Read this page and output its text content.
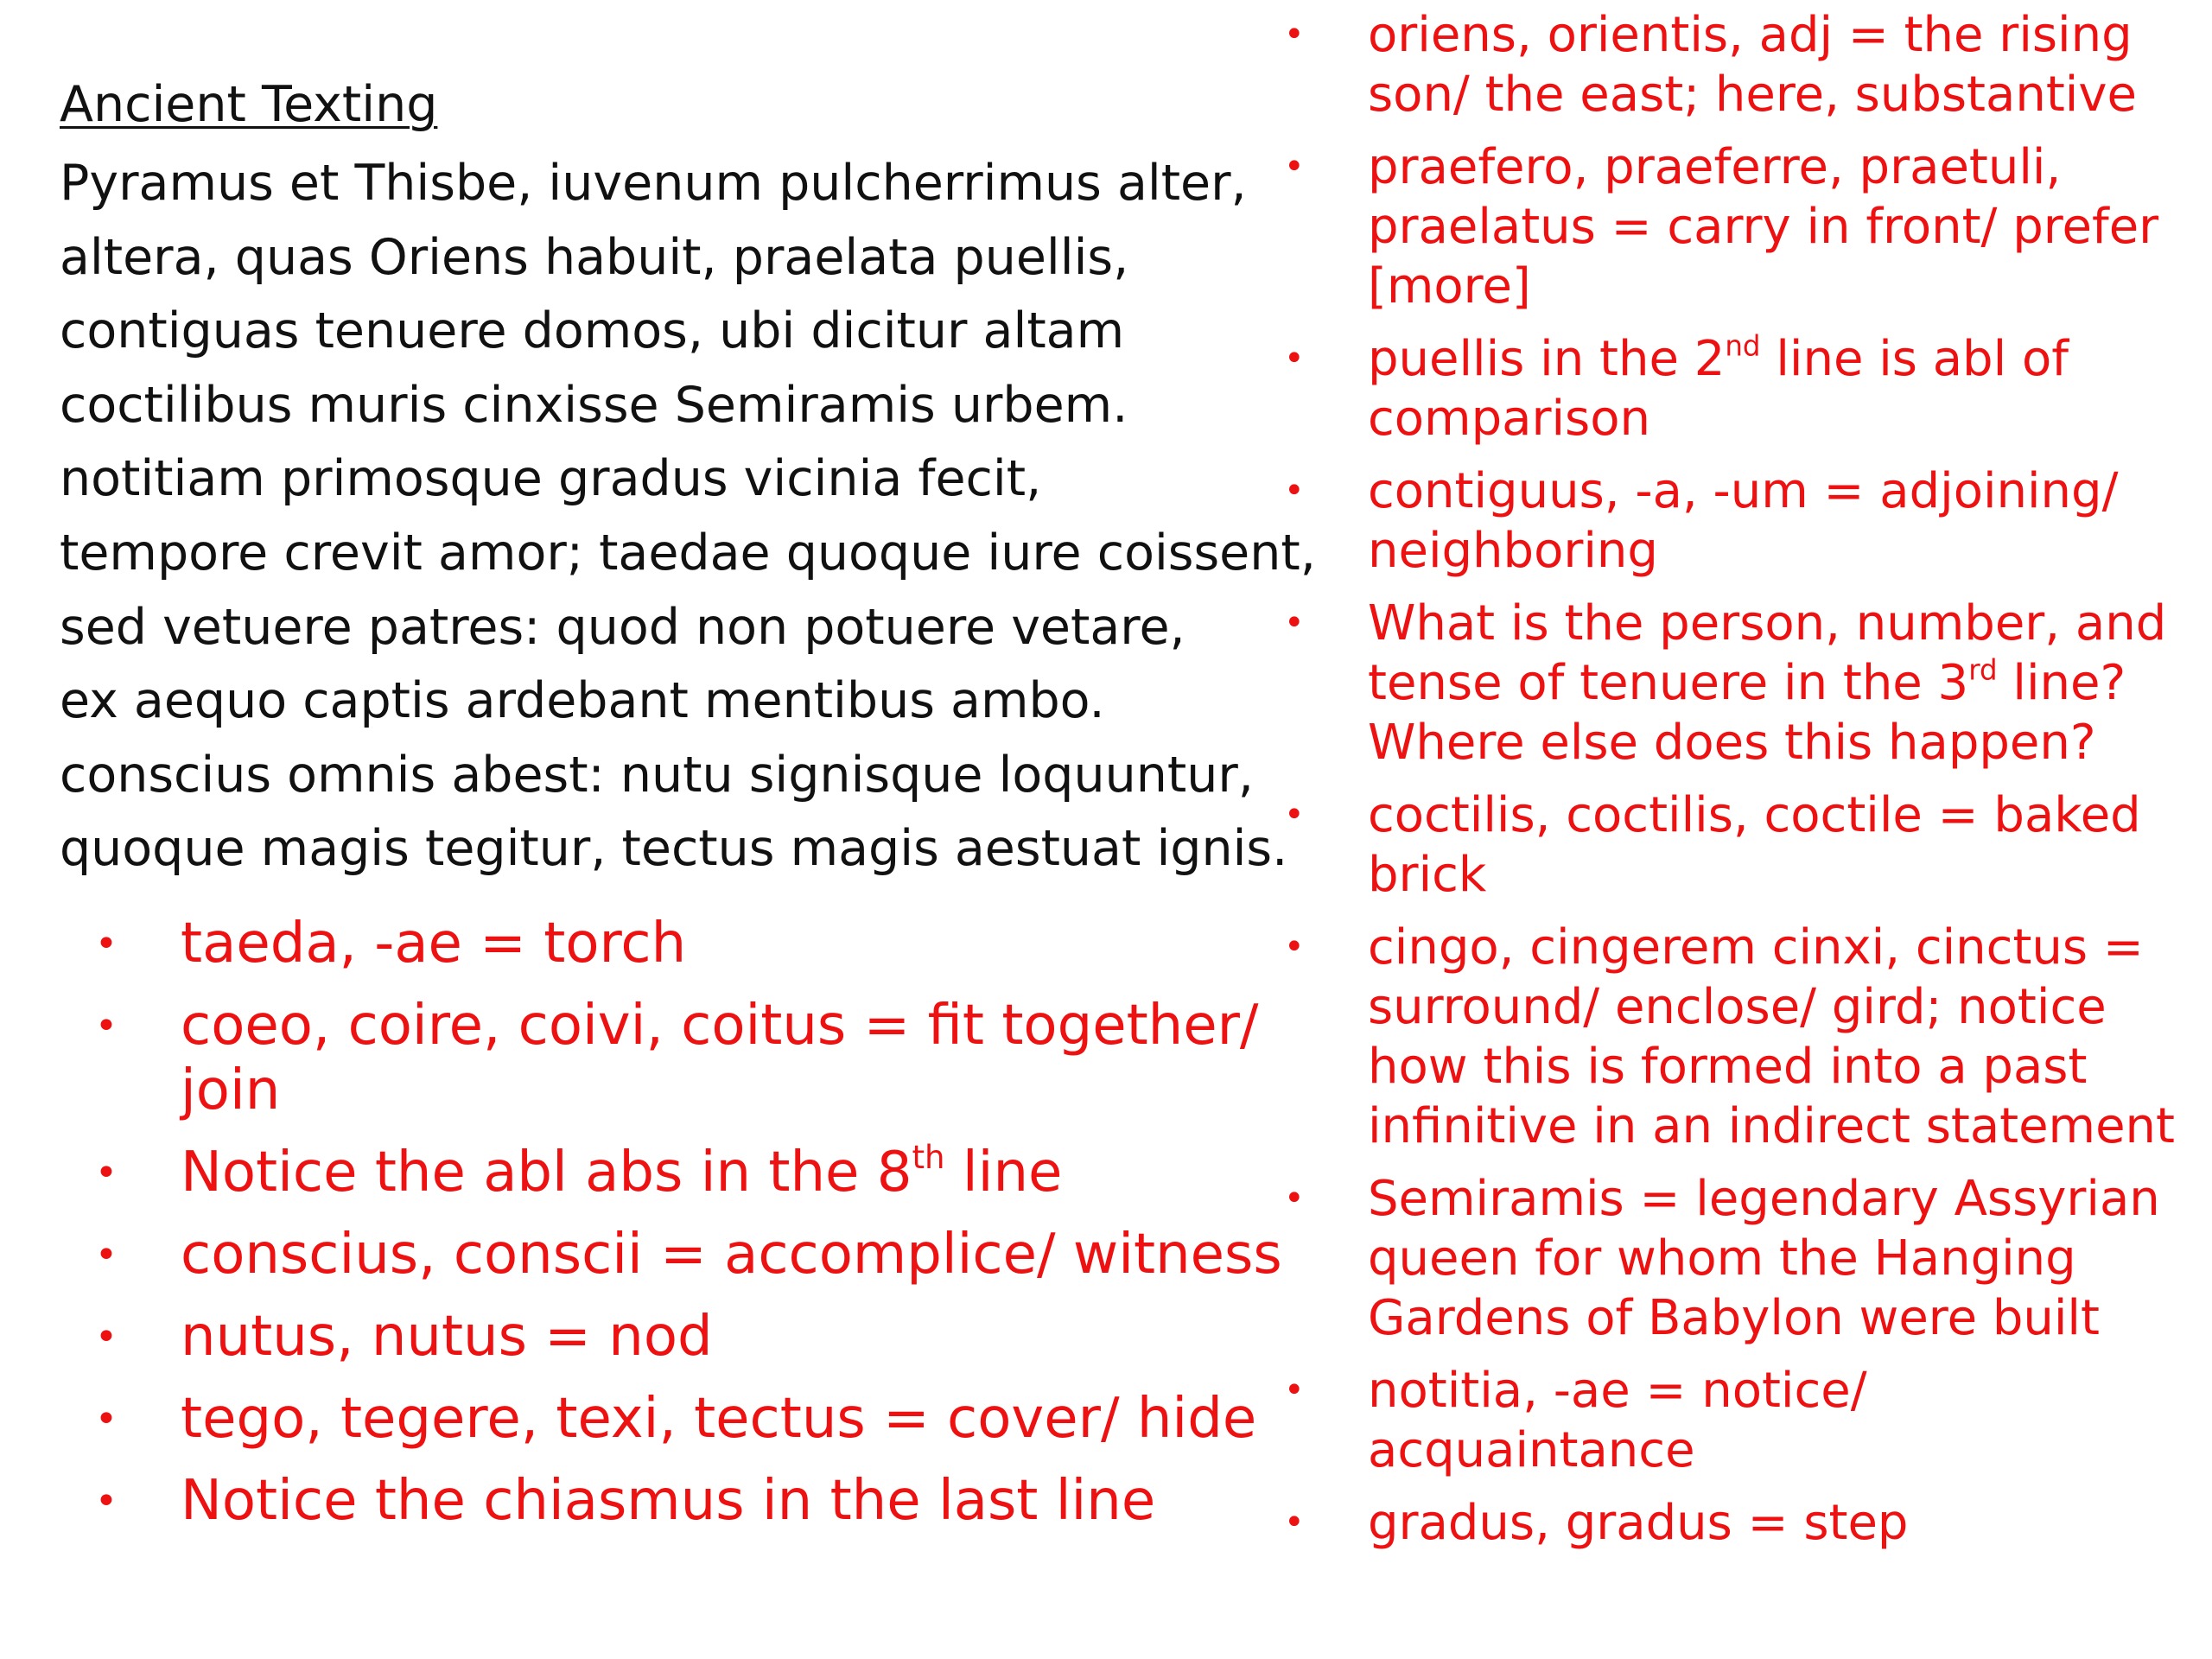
Ancient Texting
Pyramus et Thisbe, iuvenum pulcherrimus alter,
altera, quas Oriens habuit, praelata puellis,
contiguas tenuere domos, ubi dicitur altam
coctilibus muris cinxisse Semiramis urbem.
notitiam primosque gradus vicinia fecit,
tempore crevit amor; taedae quoque iure coissent,
sed vetuere patres: quod non potuere vetare,
ex aequo captis ardebant mentibus ambo.
conscius omnis abest: nutu signisque loquuntur,
quoque magis tegitur, tectus magis aestuat ignis.
• taeda, -ae = torch
• coeo, coire, coivi, coitus = fit together/
join
• Notice the abl abs in the 8th line
• conscius, conscii = accomplice/ witness
• nutus, nutus = nod
• tego, tegere, texi, tectus = cover/ hide
• Notice the chiasmus in the last line
• oriens, orientis, adj = the rising
son/ the east; here, substantive
• praefero, praeferre, praetuli,
praelatus = carry in front/ prefer
[more]
• puellis in the 2nd line is abl of
comparison
• contiguus, -a, -um = adjoining/
neighboring
• What is the person, number, and
tense of tenuere in the 3rd line?
Where else does this happen?
• coctilis, coctilis, coctile = baked
brick
• cingo, cingerem cinxi, cinctus =
surround/ enclose/ gird; notice
how this is formed into a past
infinitive in an indirect statement
• Semiramis = legendary Assyrian
queen for whom the Hanging
Gardens of Babylon were built
• notitia, -ae = notice/
acquaintance
• gradus, gradus = step
